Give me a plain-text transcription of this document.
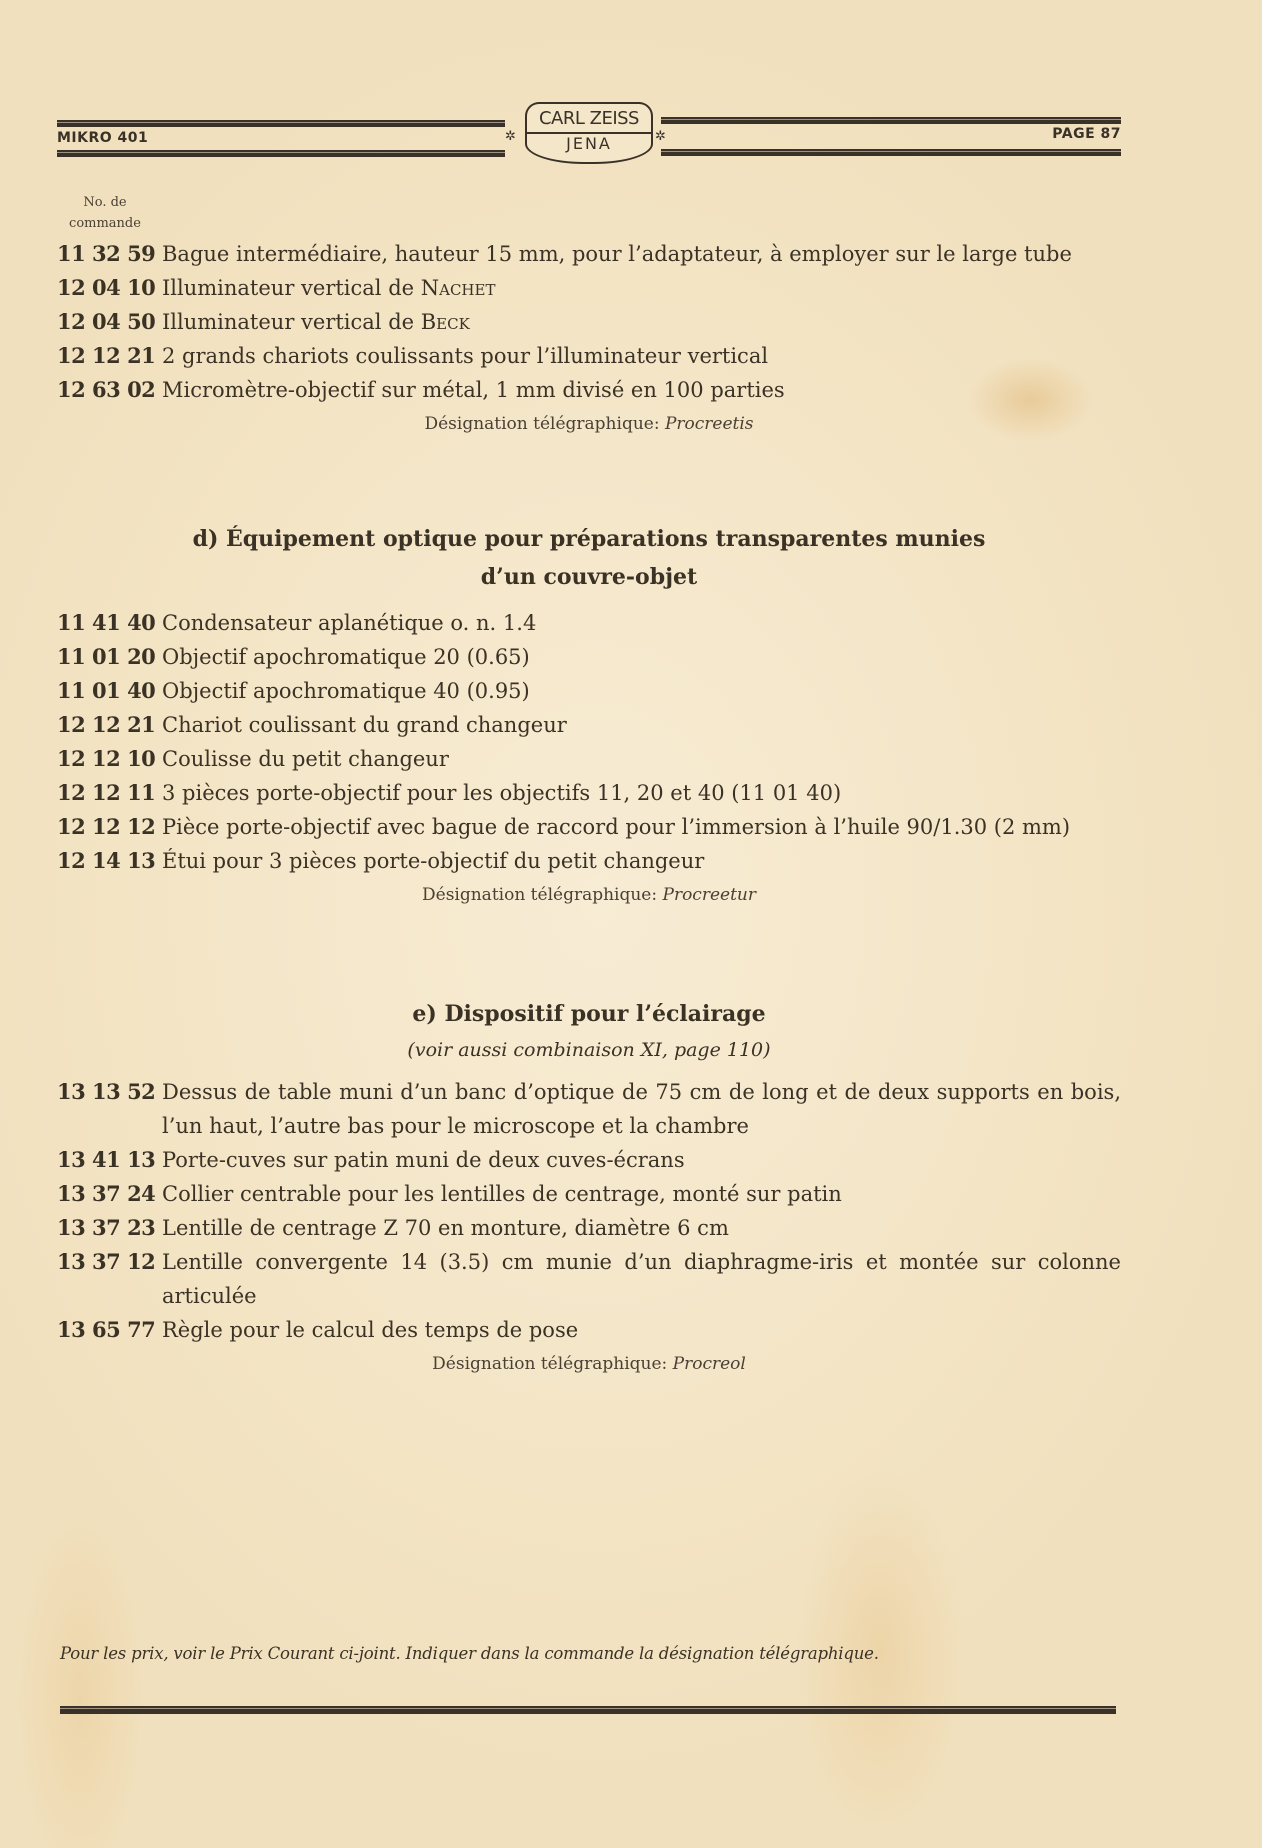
MIKRO 401	PAGE 87
✲	✲
CARL ZEISS
JENA
No. de
commande
11 32 59 Bague intermédiaire, hauteur 15 mm, pour l’adaptateur, à employer sur le large tube
12 04 10 Illuminateur vertical de Nachet
12 04 50 Illuminateur vertical de Beck
12 12 21 2 grands chariots coulissants pour l’illuminateur vertical
12 63 02 Micromètre-objectif sur métal, 1 mm divisé en 100 parties
Désignation télégraphique: Procreetis
d) Équipement optique pour préparations transparentes munies
d’un couvre-objet
11 41 40 Condensateur aplanétique o. n. 1.4
11 01 20 Objectif apochromatique 20 (0.65)
11 01 40 Objectif apochromatique 40 (0.95)
12 12 21 Chariot coulissant du grand changeur
12 12 10 Coulisse du petit changeur
12 12 11 3 pièces porte-objectif pour les objectifs 11, 20 et 40 (11 01 40)
12 12 12 Pièce porte-objectif avec bague de raccord pour l’immersion à l’huile 90/1.30 (2 mm)
12 14 13 Étui pour 3 pièces porte-objectif du petit changeur
Désignation télégraphique: Procreetur
e) Dispositif pour l’éclairage
(voir aussi combinaison XI, page 110)
13 13 52 Dessus de table muni d’un banc d’optique de 75 cm de long et de deux supports en bois, l’un haut, l’autre bas pour le microscope et la chambre
13 41 13 Porte-cuves sur patin muni de deux cuves-écrans
13 37 24 Collier centrable pour les lentilles de centrage, monté sur patin
13 37 23 Lentille de centrage Z 70 en monture, diamètre 6 cm
13 37 12 Lentille convergente 14 (3.5) cm munie d’un diaphragme-iris et montée sur colonne articulée
13 65 77 Règle pour le calcul des temps de pose
Désignation télégraphique: Procreol
Pour les prix, voir le Prix Courant ci-joint. Indiquer dans la commande la désignation télégraphique.
